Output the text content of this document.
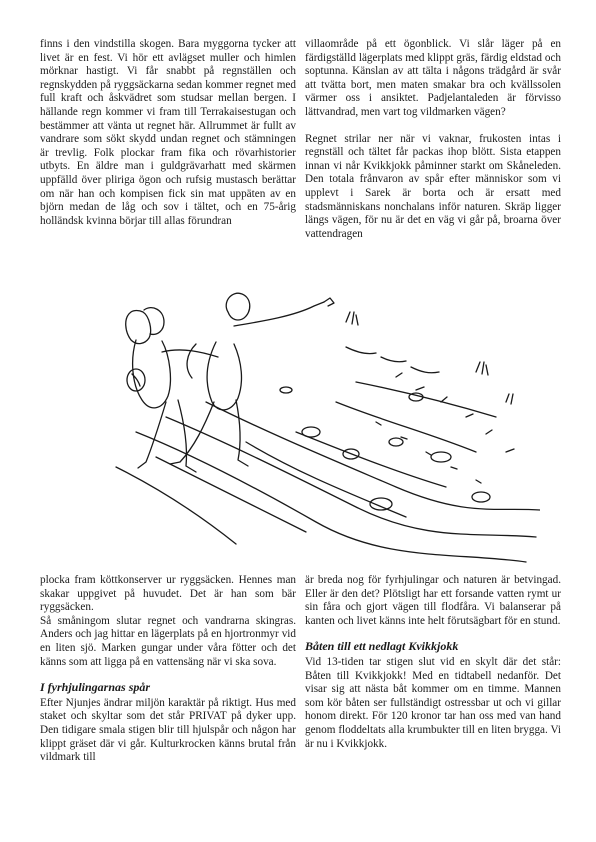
finns i den vindstilla skogen. Bara myggorna tycker att livet är en fest. Vi hör ett avlägset muller och himlen mörknar hastigt. Vi får snabbt på regnställen och regnskydden på ryggsäckarna sedan kommer regnet med full kraft och åskvädret som studsar mellan bergen. I hällande regn kommer vi fram till Terrakaisestugan och bestämmer att vänta ut regnet här. Allrummet är fullt av vandrare som sökt skydd undan regnet och stämningen är trevlig. Folk plockar fram fika och rövarhistorier utbyts. En äldre man i guldgrävarhatt med skärmen uppfälld över pliriga ögon och rufsig mustasch berättar om när han och kompisen fick sin mat uppäten av en björn medan de låg och sov i tältet, och en 75-årig holländsk kvinna börjar till allas förundran

villaområde på ett ögonblick. Vi slår läger på en färdigställd lägerplats med klippt gräs, färdig eldstad och soptunna. Känslan av att tälta i någons trädgård är svår att tvätta bort, men maten smakar bra och kvällssolen värmer oss i ansiktet. Padjelantaleden är förvisso lättvandrad, men vart tog vildmarken vägen?

Regnet strilar ner när vi vaknar, frukosten intas i regnställ och tältet får packas ihop blött. Sista etappen innan vi når Kvikkjokk påminner starkt om Skåneleden. Den totala frånvaron av spår efter människor som vi upplevt i Sarek är borta och är ersatt med stadsmänniskans nonchalans inför naturen. Skräp ligger längs vägen, för nu är det en väg vi går på, broarna över vattendragen

plocka fram köttkonserver ur ryggsäcken. Hennes man skakar uppgivet på huvudet. Det är han som bär ryggsäcken.

Så småningom slutar regnet och vandrarna skingras. Anders och jag hittar en lägerplats på en hjortronmyr vid en liten sjö. Marken gungar under våra fötter och det känns som att ligga på en vattensäng när vi ska sova.

I fyrhjulingarnas spår

Efter Njunjes ändrar miljön karaktär på riktigt. Hus med staket och skyltar som det står PRIVAT på dyker upp. Den tidigare smala stigen blir till hjulspår och någon har klippt gräset där vi går. Kulturkrocken känns brutal från vildmark till

är breda nog för fyrhjulingar och naturen är betvingad. Eller är den det? Plötsligt har ett forsande vatten rymt ur sin fåra och gjort vägen till flodfåra. Vi balanserar på kanten och livet känns inte helt förutsägbart för en stund.

Båten till ett nedlagt Kvikkjokk

Vid 13-tiden tar stigen slut vid en skylt där det står: Båten till Kvikkjokk! Med en tidtabell nedanför. Det visar sig att nästa båt kommer om en timme. Mannen som kör båten ser fullständigt ostressbar ut och vi gillar honom direkt. För 120 kronor tar han oss med van hand genom floddeltats alla krumbukter till en liten brygga. Vi är nu i Kvikkjokk.
